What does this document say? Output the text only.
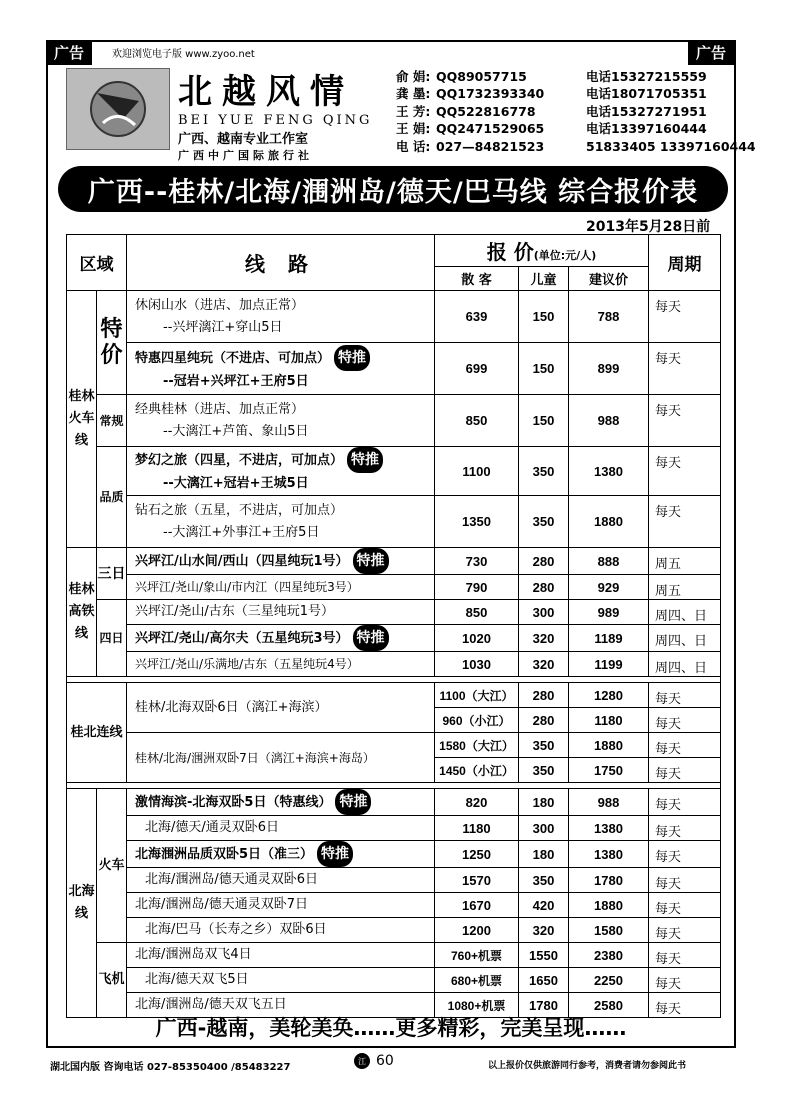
广告	广告
欢迎浏览电子版 www.zyoo.net
北越风情
BEI YUE FENG QING
广西、越南专业工作室
广西中广国际旅行社
俞 娟: QQ89057715	电话15327215559
龚 墨: QQ1732393340	电话18071705351
王 芳: QQ522816778	电话15327271951
王 娟: QQ2471529065	电话13397160444
电 话: 027—84821523	51833405 13397160444
广西--桂林/北海/涠洲岛/德天/巴马线 综合报价表
2013年5月28日前
区域		线 路	报 价(单位:元/人)			周期
			散 客	儿童	建议价	
桂林火车线	特价	休闲山水（进店、加点正常）
--兴坪漓江+穿山5日	639	150	788	每天

		特惠四星纯玩（不进店、可加点） 特推
--冠岩+兴坪江+王府5日	699	150	899	每天
	常规	经典桂林（进店、加点正常）
--大漓江+芦笛、象山5日	850	150	988	每天
	品质	梦幻之旅（四星，不进店，可加点） 特推
--大漓江+冠岩+王城5日	1100	350	1380	每天

		钻石之旅（五星，不进店，可加点）
--大漓江+外事江+王府5日	1350	350	1880	每天
桂林高铁线	三日	兴坪江/山水间/西山（四星纯玩1号） 特推	730	280	888	周五
		兴坪江/尧山/象山/市内江（四星纯玩3号）	790	280	929	周五
	四日	兴坪江/尧山/古东（三星纯玩1号）	850	300	989	周四、日
		兴坪江/尧山/高尔夫（五星纯玩3号） 特推	1020	320	1189	周四、日
		兴坪江/尧山/乐满地/古东（五星纯玩4号）	1030	320	1199	周四、日

桂北连线		桂林/北海双卧6日（漓江+海滨）	1100（大江）	280	1280	每天
			960（小江）	280	1180	每天
		桂林/北海/涠洲双卧7日（漓江+海滨+海岛）	1580（大江）	350	1880	每天
			1450（小江）	350	1750	每天

北海线	火车	激情海滨-北海双卧5日（特惠线） 特推	820	180	988	每天
		北海/德天/通灵双卧6日	1180	300	1380	每天
		北海涠洲品质双卧5日（准三） 特推	1250	180	1380	每天
		北海/涠洲岛/德天通灵双卧6日	1570	350	1780	每天
		北海/涠洲岛/德天通灵双卧7日	1670	420	1880	每天
		北海/巴马（长寿之乡）双卧6日	1200	320	1580	每天
	飞机	北海/涠洲岛双飞4日	760+机票	1550	2380	每天
		北海/德天双飞5日	680+机票	1650	2250	每天
		北海/涠洲岛/德天双飞五日	1080+机票	1780	2580	每天
广西-越南，美轮美奂……更多精彩，完美呈现……
湖北国内版 咨询电话 027-85350400 /85483227
江 60	以上报价仅供旅游同行参考，消费者请勿参阅此书
